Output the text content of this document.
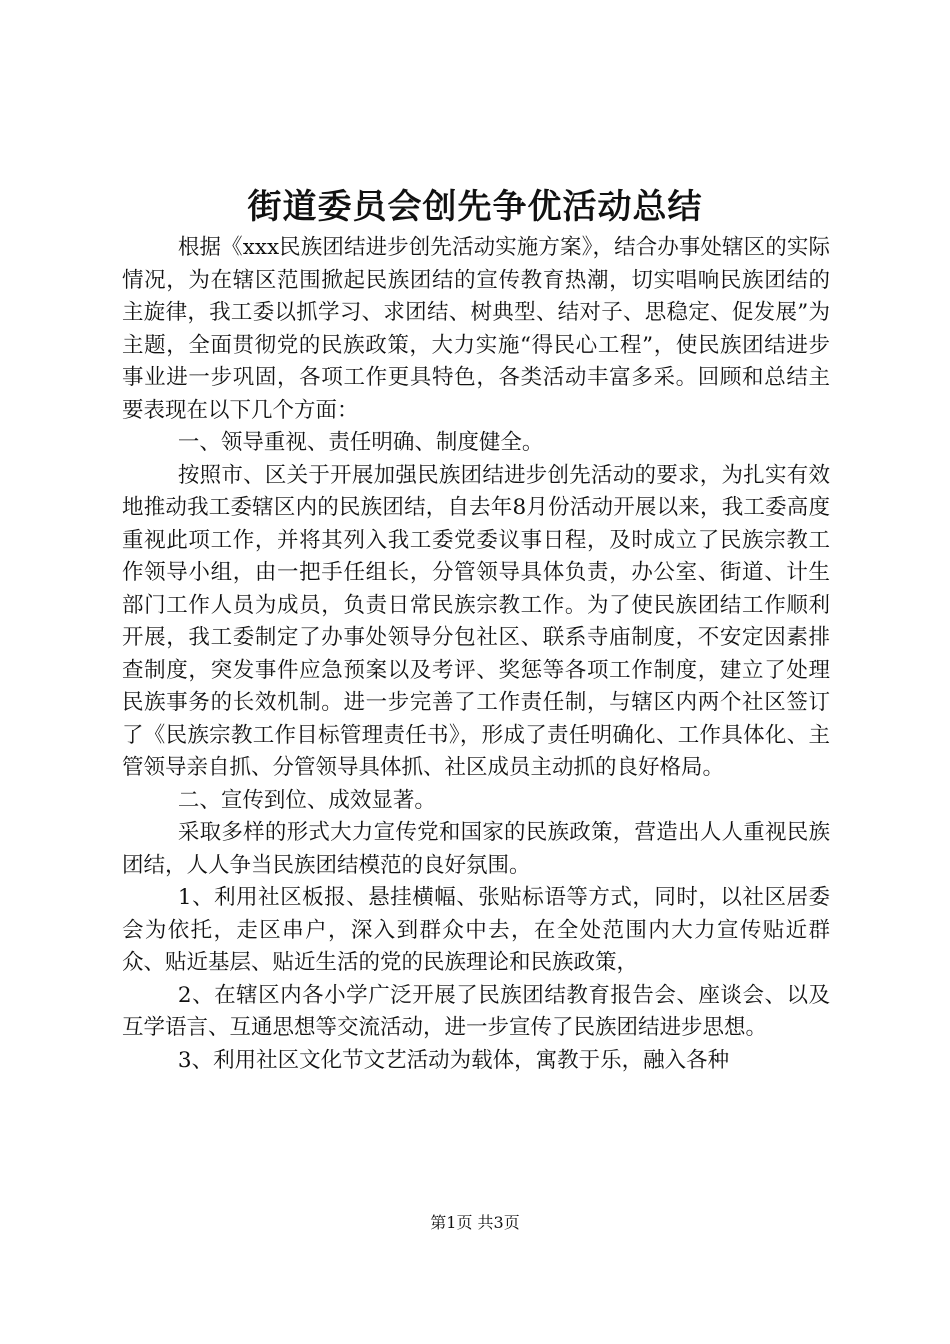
街道委员会创先争优活动总结

根据《xxx民族团结进步创先活动实施方案》，结合办事处辖区的实际情况，为在辖区范围掀起民族团结的宣传教育热潮，切实唱响民族团结的主旋律，我工委以抓学习、求团结、树典型、结对子、思稳定、促发展”为主题，全面贯彻党的民族政策，大力实施“得民心工程”，使民族团结进步事业进一步巩固，各项工作更具特色，各类活动丰富多采。回顾和总结主要表现在以下几个方面：

一、领导重视、责任明确、制度健全。

按照市、区关于开展加强民族团结进步创先活动的要求，为扎实有效地推动我工委辖区内的民族团结，自去年8月份活动开展以来，我工委高度重视此项工作，并将其列入我工委党委议事日程，及时成立了民族宗教工作领导小组，由一把手任组长，分管领导具体负责，办公室、街道、计生部门工作人员为成员，负责日常民族宗教工作。为了使民族团结工作顺利开展，我工委制定了办事处领导分包社区、联系寺庙制度，不安定因素排查制度，突发事件应急预案以及考评、奖惩等各项工作制度，建立了处理民族事务的长效机制。进一步完善了工作责任制，与辖区内两个社区签订了《民族宗教工作目标管理责任书》，形成了责任明确化、工作具体化、主管领导亲自抓、分管领导具体抓、社区成员主动抓的良好格局。

二、宣传到位、成效显著。

采取多样的形式大力宣传党和国家的民族政策，营造出人人重视民族团结，人人争当民族团结模范的良好氛围。

1、利用社区板报、悬挂横幅、张贴标语等方式，同时，以社区居委会为依托，走区串户，深入到群众中去，在全处范围内大力宣传贴近群众、贴近基层、贴近生活的党的民族理论和民族政策，

2、在辖区内各小学广泛开展了民族团结教育报告会、座谈会、以及互学语言、互通思想等交流活动，进一步宣传了民族团结进步思想。

3、利用社区文化节文艺活动为载体，寓教于乐，融入各种

第1页 共3页
